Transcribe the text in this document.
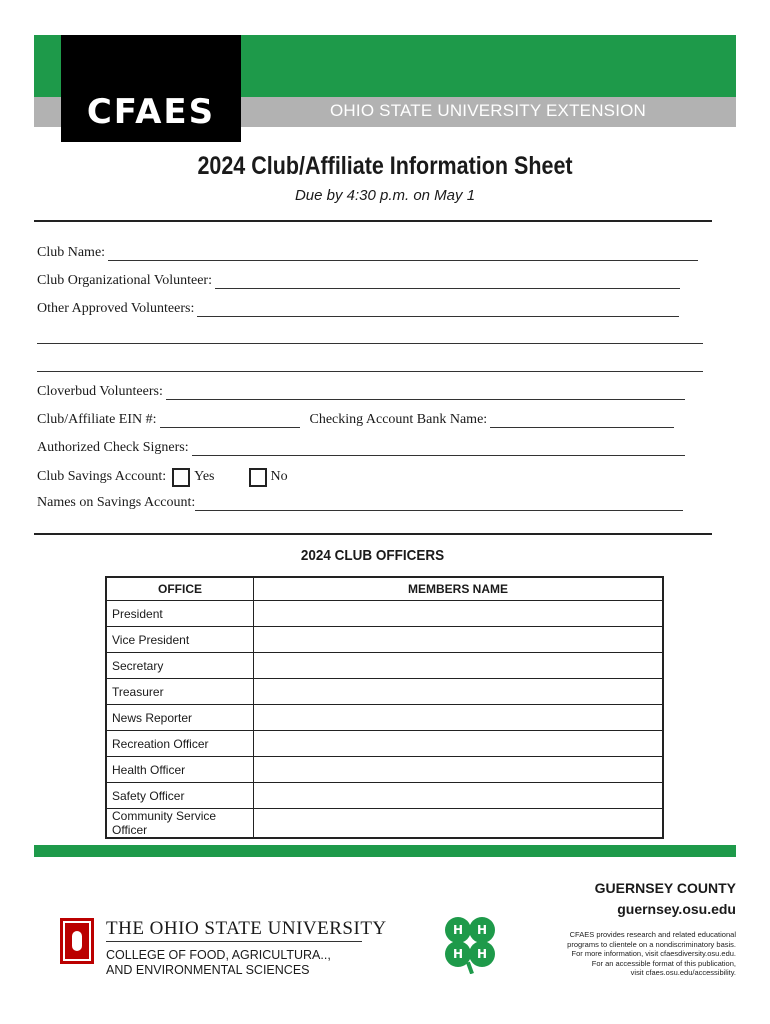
CFAES	OHIO STATE UNIVERSITY EXTENSION
2024 Club/Affiliate Information Sheet
Due by 4:30 p.m. on May 1
Club Name:
Club Organizational Volunteer:
Other Approved Volunteers:
Cloverbud Volunteers:
Club/Affiliate EIN #:	Checking Account Bank Name:
Authorized Check Signers:
Club Savings Account: Yes	No
Names on Savings Account:
2024 CLUB OFFICERS
OFFICE	MEMBERS NAME
President	
Vice President	
Secretary	
Treasurer	
News Reporter	
Recreation Officer	
Health Officer	
Safety Officer	
Community Service Officer	
GUERNSEY COUNTY
guernsey.osu.edu
THE OHIO STATE UNIVERSITY
COLLEGE OF FOOD, AGRICULTURA..,
AND ENVIRONMENTAL SCIENCES
H H
H H
CFAES provides research and related educational
programs to clientele on a nondiscriminatory basis.
For more information, visit cfaesdiversity.osu.edu.
For an accessible format of this publication,
visit cfaes.osu.edu/accessibility.
